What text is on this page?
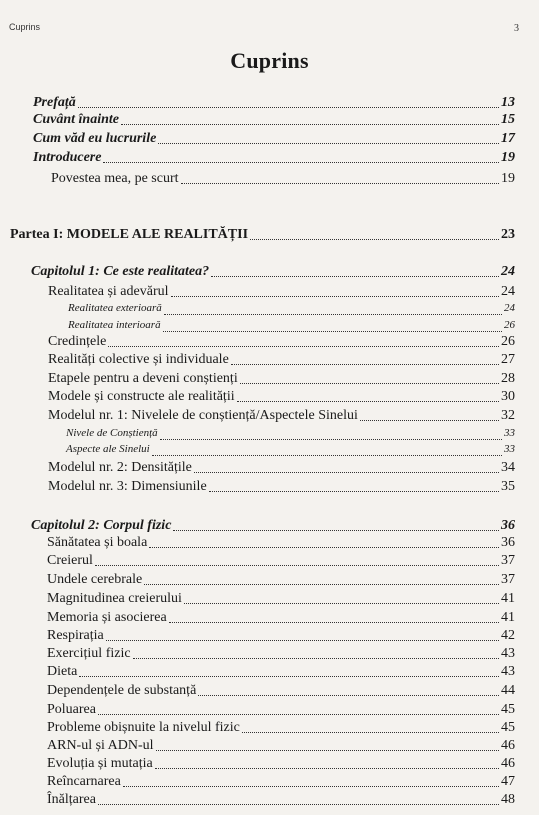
Cuprins	3
Cuprins
Prefață	13
Cuvânt înainte	15
Cum văd eu lucrurile	17
Introducere	19
Povestea mea, pe scurt	19
Partea I: MODELE ALE REALITĂȚII	23
Capitolul 1: Ce este realitatea?	24
Realitatea și adevărul	24
Realitatea exterioară	24
Realitatea interioară	26
Credințele	26
Realități colective și individuale	27
Etapele pentru a deveni conștienți	28
Modele și constructe ale realității	30
Modelul nr. 1: Nivelele de conștiență/Aspectele Sinelui	32
Nivele de Conștiență	33
Aspecte ale Sinelui	33
Modelul nr. 2: Densitățile	34
Modelul nr. 3: Dimensiunile	35
Capitolul 2: Corpul fizic	36
Sănătatea și boala	36
Creierul	37
Undele cerebrale	37
Magnitudinea creierului	41
Memoria și asocierea	41
Respirația	42
Exercițiul fizic	43
Dieta	43
Dependențele de substanță	44
Poluarea	45
Probleme obișnuite la nivelul fizic	45
ARN-ul și ADN-ul	46
Evoluția și mutația	46
Reîncarnarea	47
Înălțarea	48
